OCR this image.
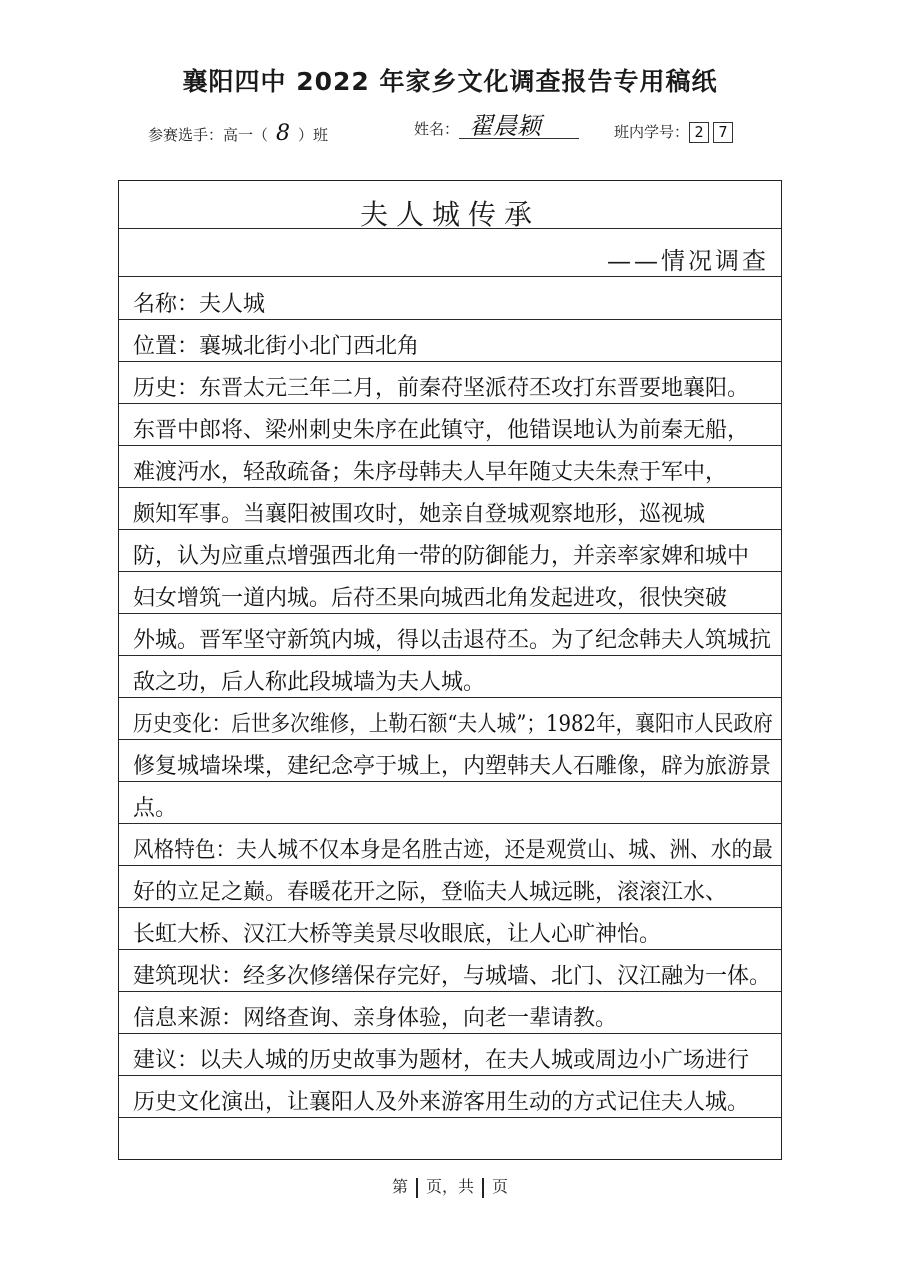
襄阳四中 2022 年家乡文化调查报告专用稿纸
参赛选手：高一（ 8 ）班	姓名： 翟晨颖	班内学号： 2 7
夫人城传承
——情况调查
名称：夫人城
位置：襄城北街小北门西北角
历史：东晋太元三年二月，前秦苻坚派苻丕攻打东晋要地襄阳。
东晋中郎将、梁州刺史朱序在此镇守，他错误地认为前秦无船，
难渡沔水，轻敌疏备；朱序母韩夫人早年随丈夫朱焘于军中，
颇知军事。当襄阳被围攻时，她亲自登城观察地形，巡视城
防，认为应重点增强西北角一带的防御能力，并亲率家婢和城中
妇女增筑一道内城。后苻丕果向城西北角发起进攻，很快突破
外城。晋军坚守新筑内城，得以击退苻丕。为了纪念韩夫人筑城抗
敌之功，后人称此段城墙为夫人城。
历史变化：后世多次维修，上勒石额“夫人城”；1982年，襄阳市人民政府
修复城墙垛堞，建纪念亭于城上，内塑韩夫人石雕像，辟为旅游景
点。
风格特色：夫人城不仅本身是名胜古迹，还是观赏山、城、洲、水的最
好的立足之巅。春暖花开之际，登临夫人城远眺，滚滚江水、
长虹大桥、汉江大桥等美景尽收眼底，让人心旷神怡。
建筑现状：经多次修缮保存完好，与城墙、北门、汉江融为一体。
信息来源：网络查询、亲身体验，向老一辈请教。
建议：以夫人城的历史故事为题材，在夫人城或周边小广场进行
历史文化演出，让襄阳人及外来游客用生动的方式记住夫人城。
第 页，共 页
